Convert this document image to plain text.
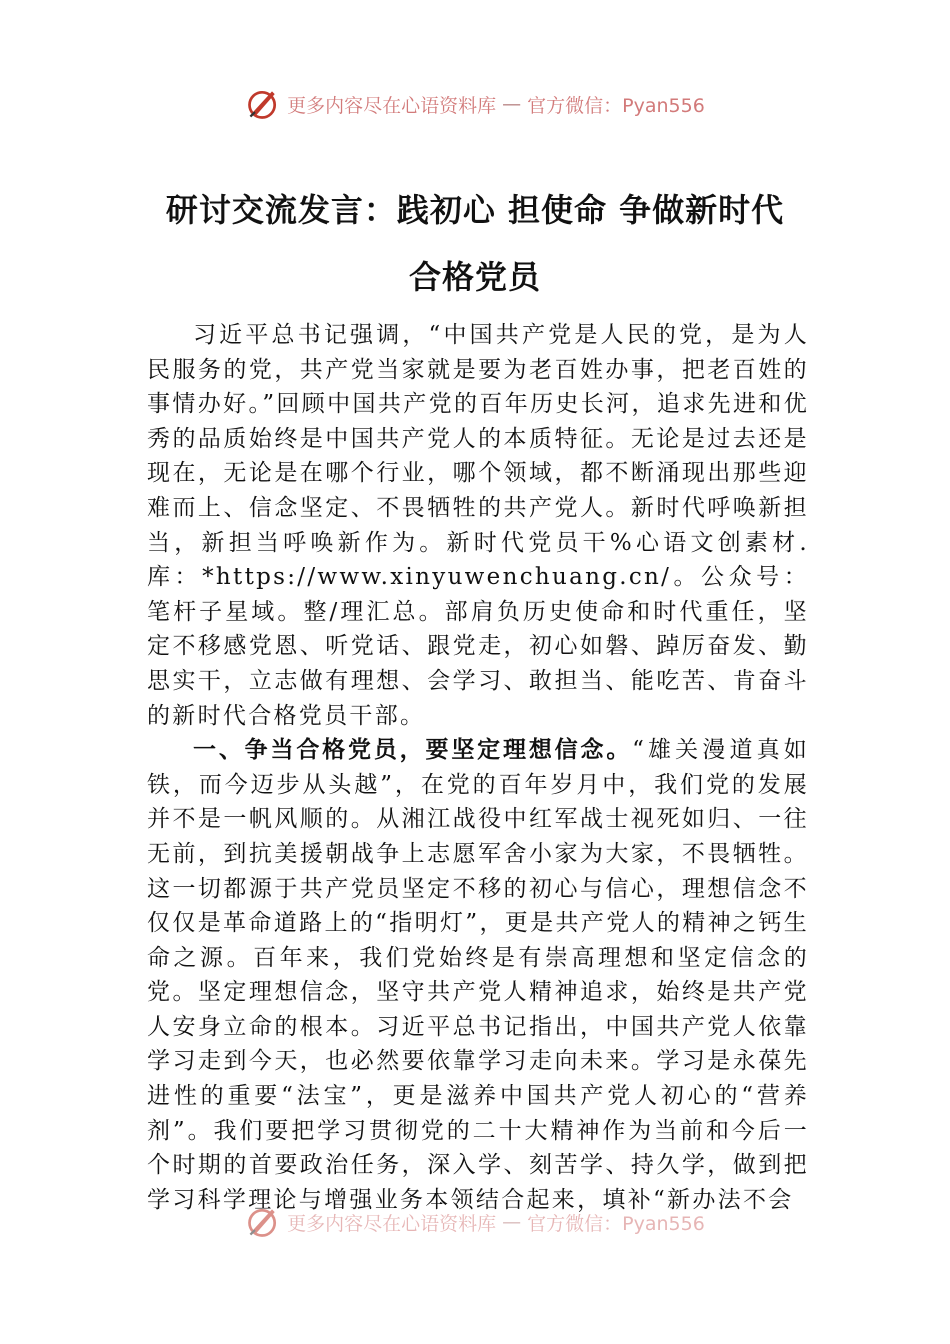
更多内容尽在心语资料库 — 官方微信：Pyan556
研讨交流发言：践初心 担使命 争做新时代
合格党员

习近平总书记强调，“中国共产党是人民的党，是为人民服务的党，共产党当家就是要为老百姓办事，把老百姓的事情办好。”回顾中国共产党的百年历史长河，追求先进和优秀的品质始终是中国共产党人的本质特征。无论是过去还是现在，无论是在哪个行业，哪个领域，都不断涌现出那些迎难而上、信念坚定、不畏牺牲的共产党人。新时代呼唤新担当，新担当呼唤新作为。新时代党员干%心语文创素材.库：*https://www.xinyuwenchuang.cn/。公众号：笔杆子星域。整/理汇总。部肩负历史使命和时代重任，坚定不移感党恩、听党话、跟党走，初心如磐、踔厉奋发、勤思实干，立志做有理想、会学习、敢担当、能吃苦、肯奋斗的新时代合格党员干部。

一、争当合格党员，要坚定理想信念。“雄关漫道真如铁，而今迈步从头越”，在党的百年岁月中，我们党的发展并不是一帆风顺的。从湘江战役中红军战士视死如归、一往无前，到抗美援朝战争上志愿军舍小家为大家，不畏牺牲。这一切都源于共产党员坚定不移的初心与信心，理想信念不仅仅是革命道路上的“指明灯”，更是共产党人的精神之钙生命之源。百年来，我们党始终是有崇高理想和坚定信念的党。坚定理想信念，坚守共产党人精神追求，始终是共产党人安身立命的根本。习近平总书记指出，中国共产党人依靠学习走到今天，也必然要依靠学习走向未来。学习是永葆先进性的重要“法宝”，更是滋养中国共产党人初心的“营养剂”。我们要把学习贯彻党的二十大精神作为当前和今后一个时期的首要政治任务，深入学、刻苦学、持久学，做到把学习科学理论与增强业务本领结合起来，填补“新办法不会

更多内容尽在心语资料库 — 官方微信：Pyan556
